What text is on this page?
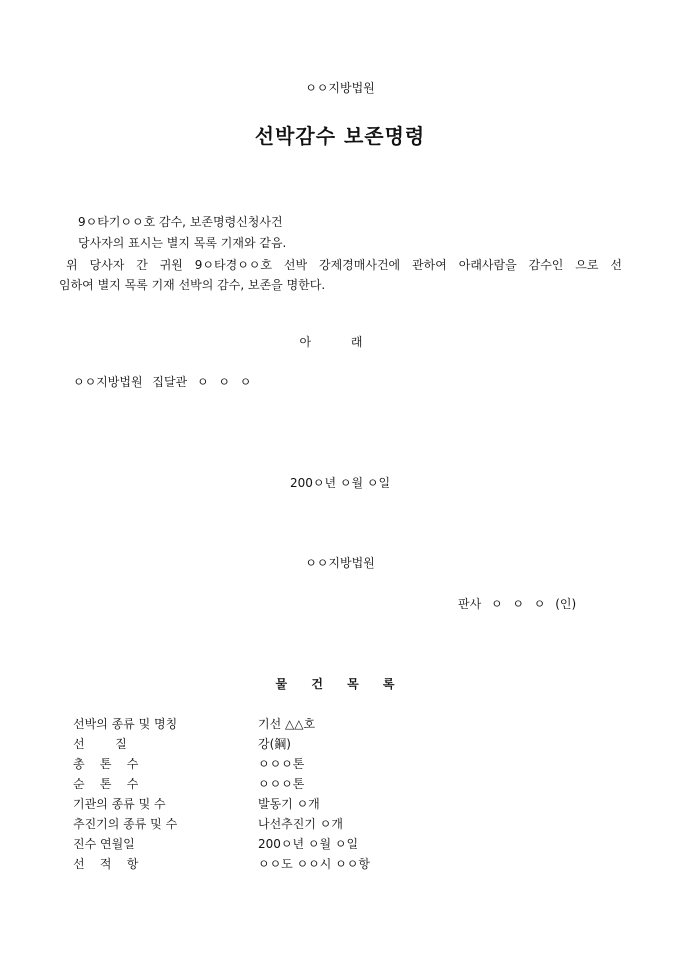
ㅇㅇ지방법원
선박감수 보존명령
9ㅇ타기ㅇㅇ호 감수, 보존명령신청사건
당사자의 표시는 별지 목록 기재와 같음.
위 당사자 간 귀원 9ㅇ타경ㅇㅇ호 선박 강제경매사건에 관하여 아래사람을 감수인 으로 선
임하여 별지 목록 기재 선박의 감수, 보존을 명한다.
아 래
ㅇㅇ지방법원 집달관 ㅇ ㅇ ㅇ
200ㅇ년 ㅇ월 ㅇ일
ㅇㅇ지방법원
판사 ㅇ ㅇ ㅇ (인)
물 건 목 록
선박의 종류 및 명칭	기선 △△호
선        질	강(鋼)
총    톤    수	ㅇㅇㅇ톤
순    톤    수	ㅇㅇㅇ톤
기관의 종류 및 수	발동기 ㅇ개
추진기의 종류 및 수	나선추진기 ㅇ개
진수 연월일	200ㅇ년 ㅇ월 ㅇ일
선    적    항	ㅇㅇ도 ㅇㅇ시 ㅇㅇ항
